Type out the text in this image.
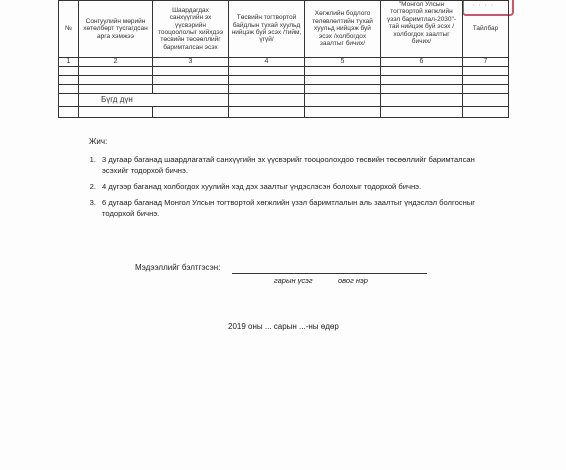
· · · ·
№	Сонгуулийн мөрийн хөтөлбөрт тусгагдсан арга хэмжээ	Шаардагдах санхүүгийн эх үүсвэрийн тооцоололыг хийхдээ төсвийн төсөөллийг баримталсан эсэх	Төсвийн тогтвортой байдлын тухай хуульд нийцэж буй эсэх /тийм, үгүй/	Хөгжлийн бодлого төлөвлөлтийн тухай хуульд нийцэж буй эсэх /холбогдох заалтыг бичих/	"Монгол Улсын тогтвортой хөгжлийн үзэл баримтлал-2030"-тай нийцэж буй эсэх /холбогдох заалтыг бичих/	Тайлбар
1	2	3	4	5	6	7

	Бүгд дүн					

Жич:
1. 3 дугаар баганад шаардлагатай санхүүгийн эх үүсвэрийг тооцоолохдоо төсвийн төсөөллийг баримталсан эсэхийг тодорхой бичнэ.
2. 4 дүгээр баганад холбогдох хуулийн хэд дэх заалтыг үндэслэсэн болохыг тодорхой бичнэ.
3. 6 дугаар баганад Монгол Улсын тогтвортой хөгжлийн үзэл баримтлалын аль заалтыг үндэслэл болгосныг тодорхой бичнэ.
Мэдээллийг бэлтгэсэн:
гарын үсэг	овог нэр
2019 оны ... сарын ...-ны өдөр
